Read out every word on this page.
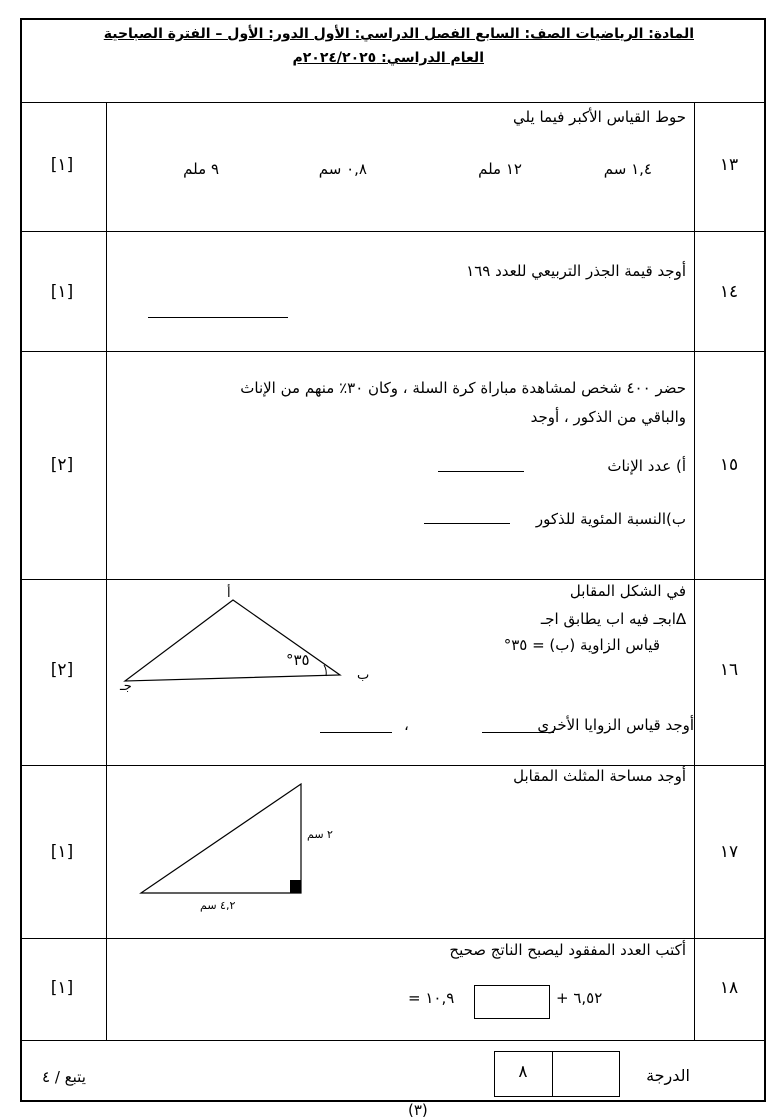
المادة: الرياضيات الصف: السابع الفصل الدراسي: الأول الدور: الأول – الفترة الصباحية
العام الدراسي: ٢٠٢٤/٢٠٢٥م
١٣
[١]
حوط القياس الأكبر فيما يلي
١,٤ سم
١٢ ملم
٠,٨ سم
٩ ملم
١٤
[١]
أوجد قيمة الجذر التربيعي للعدد ١٦٩
١٥
[٢]
حضر ٤٠٠ شخص لمشاهدة مباراة كرة السلة ، وكان ٣٠٪ منهم من الإناث
والباقي من الذكور ، أوجد
أ) عدد الإناث
ب)النسبة المئوية للذكور
١٦
[٢]
في الشكل المقابل
∆ابجـ فيه اب يطابق اجـ
قياس الزاوية (ب) = ٣٥°
أوجد قياس الزوايا الأخرى
،
أ
ب
جـ
٣٥°
١٧
[١]
أوجد مساحة المثلث المقابل
٢ سم
٤,٢ سم
١٨
[١]
أكتب العدد المفقود ليصبح الناتج صحيح
+ ٦,٥٢
= ١٠,٩
٨	الدرجة
يتبع / ٤
(٣)
